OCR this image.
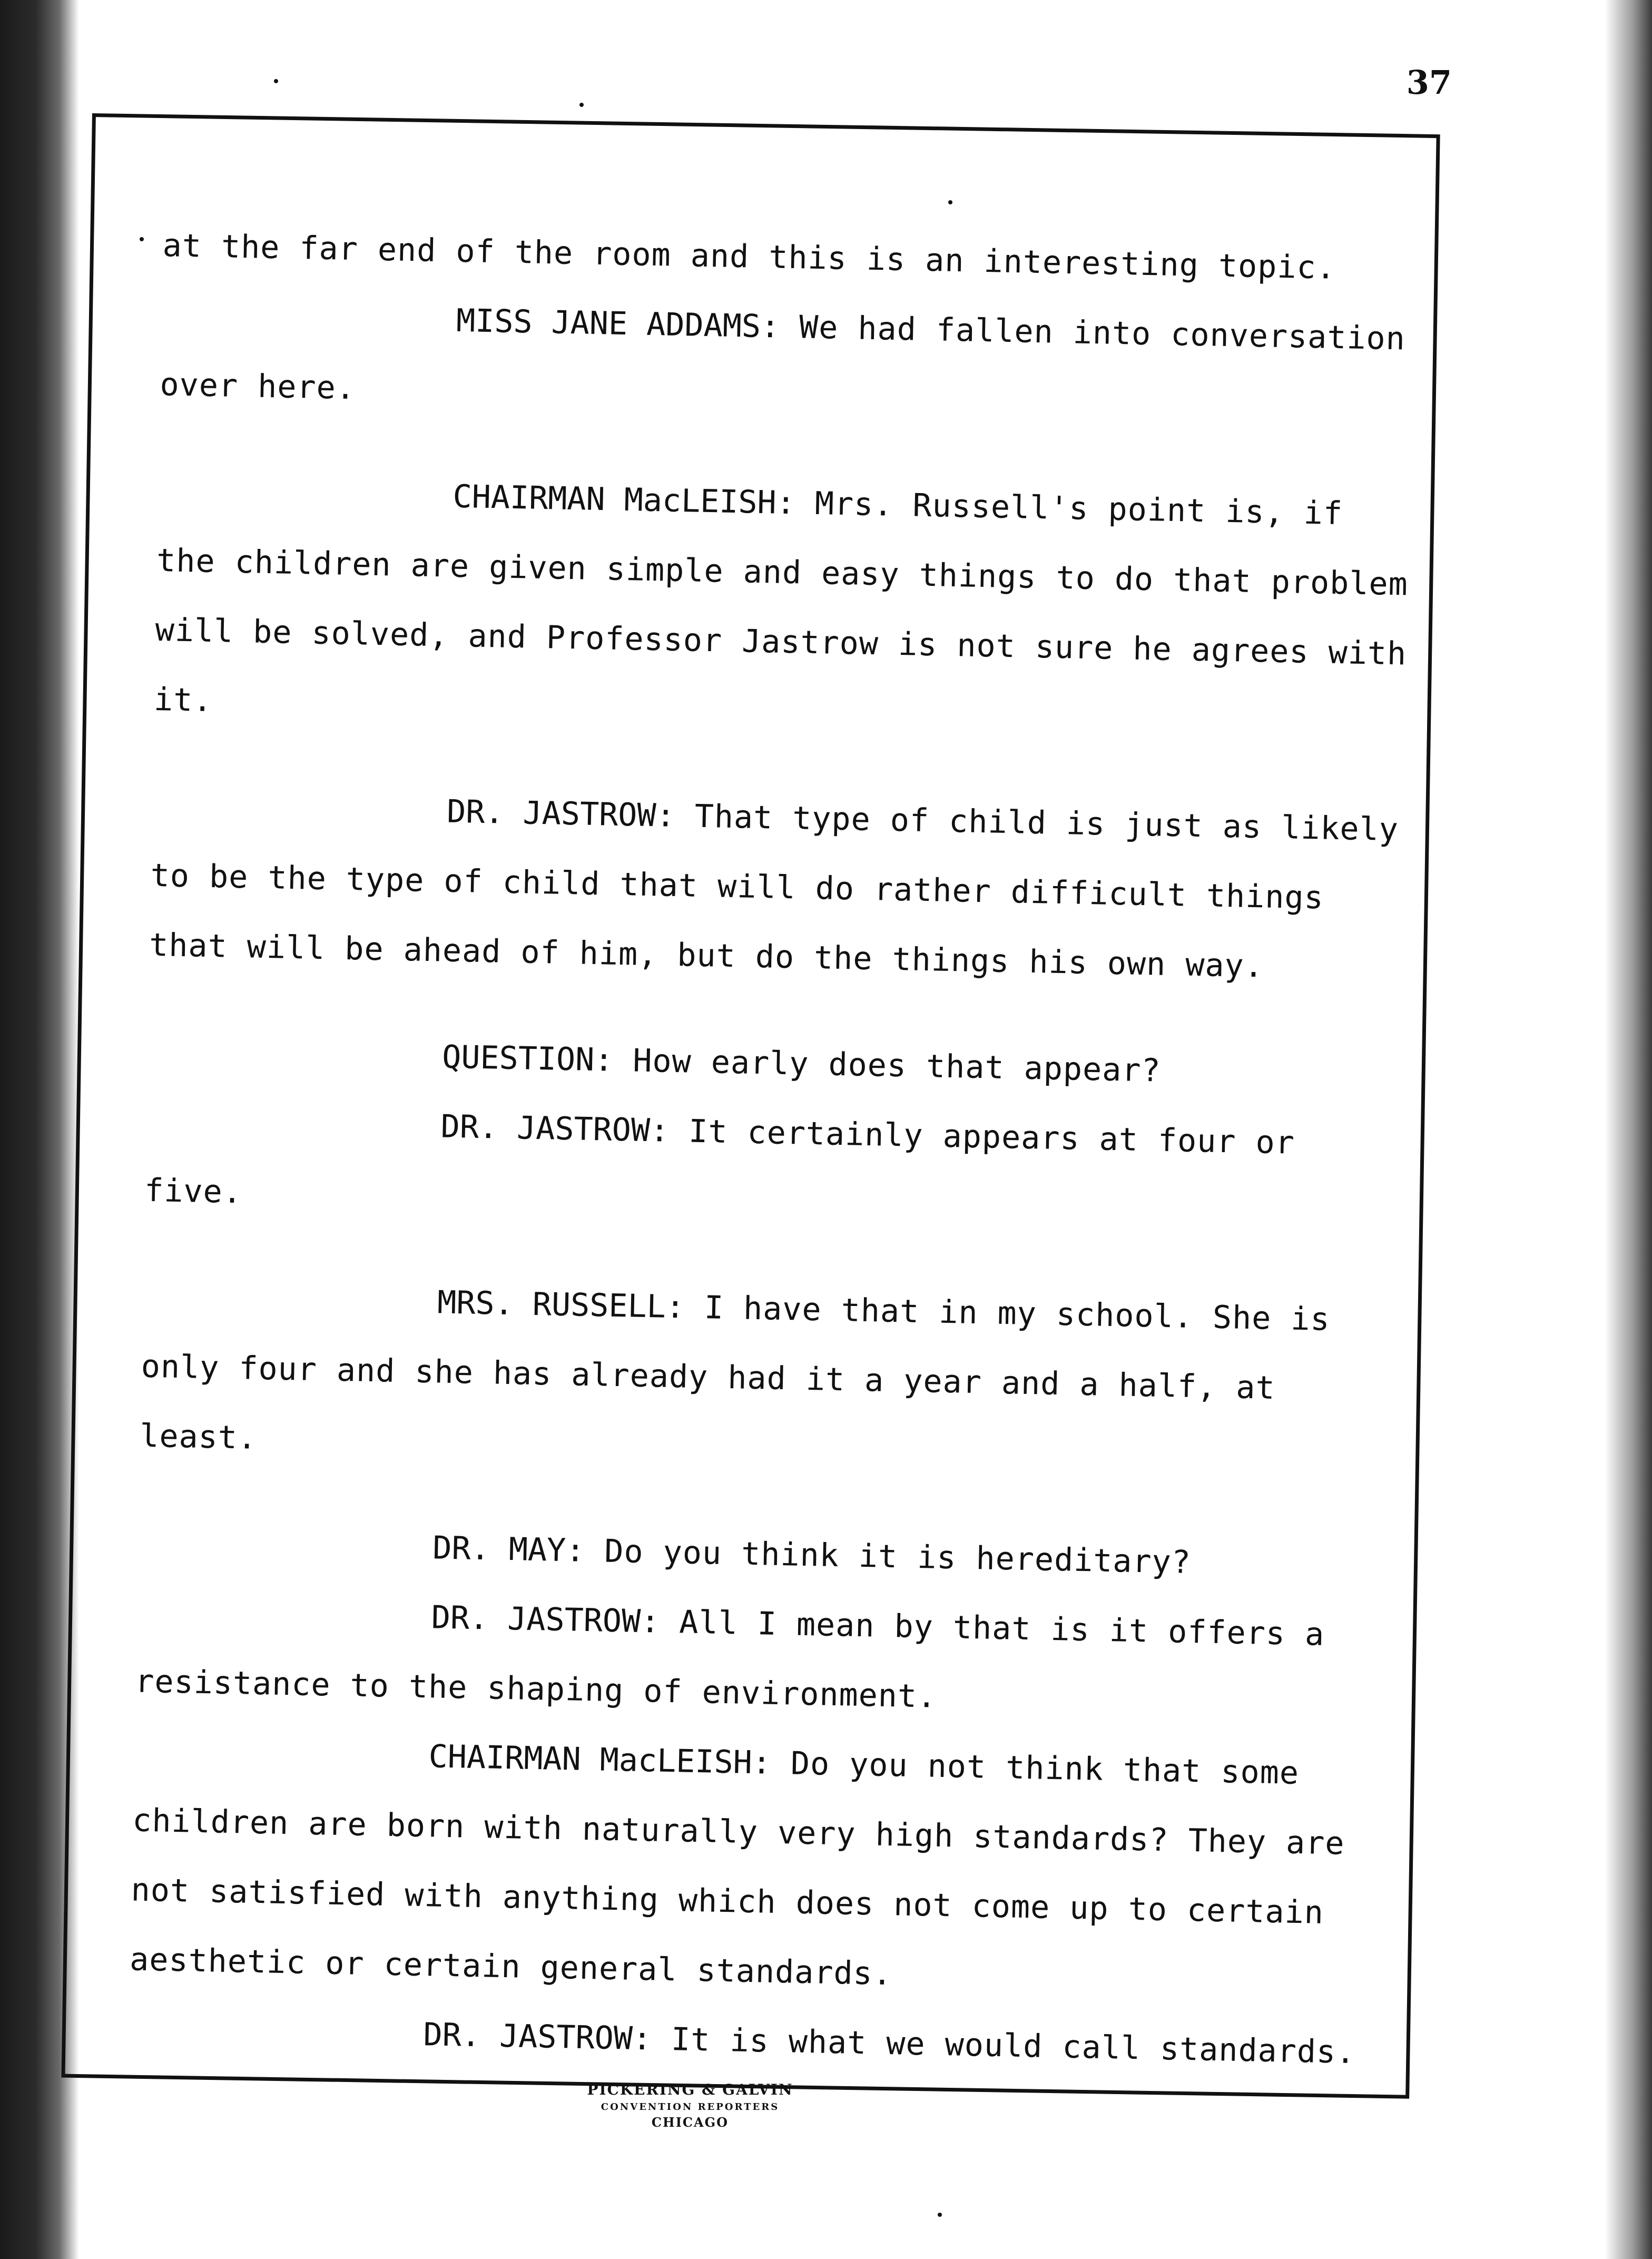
37

at the far end of the room and this is an interesting topic.

MISS JANE ADDAMS: We had fallen into conversation over here.

CHAIRMAN MacLEISH: Mrs. Russell's point is, if the children are given simple and easy things to do that problem will be solved, and Professor Jastrow is not sure he agrees with it.

DR. JASTROW: That type of child is just as likely to be the type of child that will do rather difficult things that will be ahead of him, but do the things his own way.

QUESTION: How early does that appear?

DR. JASTROW: It certainly appears at four or five.

MRS. RUSSELL: I have that in my school. She is only four and she has already had it a year and a half, at least.

DR. MAY: Do you think it is hereditary?

DR. JASTROW: All I mean by that is it offers a resistance to the shaping of environment.

CHAIRMAN MacLEISH: Do you not think that some children are born with naturally very high standards? They are not satisfied with anything which does not come up to certain aesthetic or certain general standards.

DR. JASTROW: It is what we would call standards.

PICKERING & GALVIN
CONVENTION REPORTERS
CHICAGO
